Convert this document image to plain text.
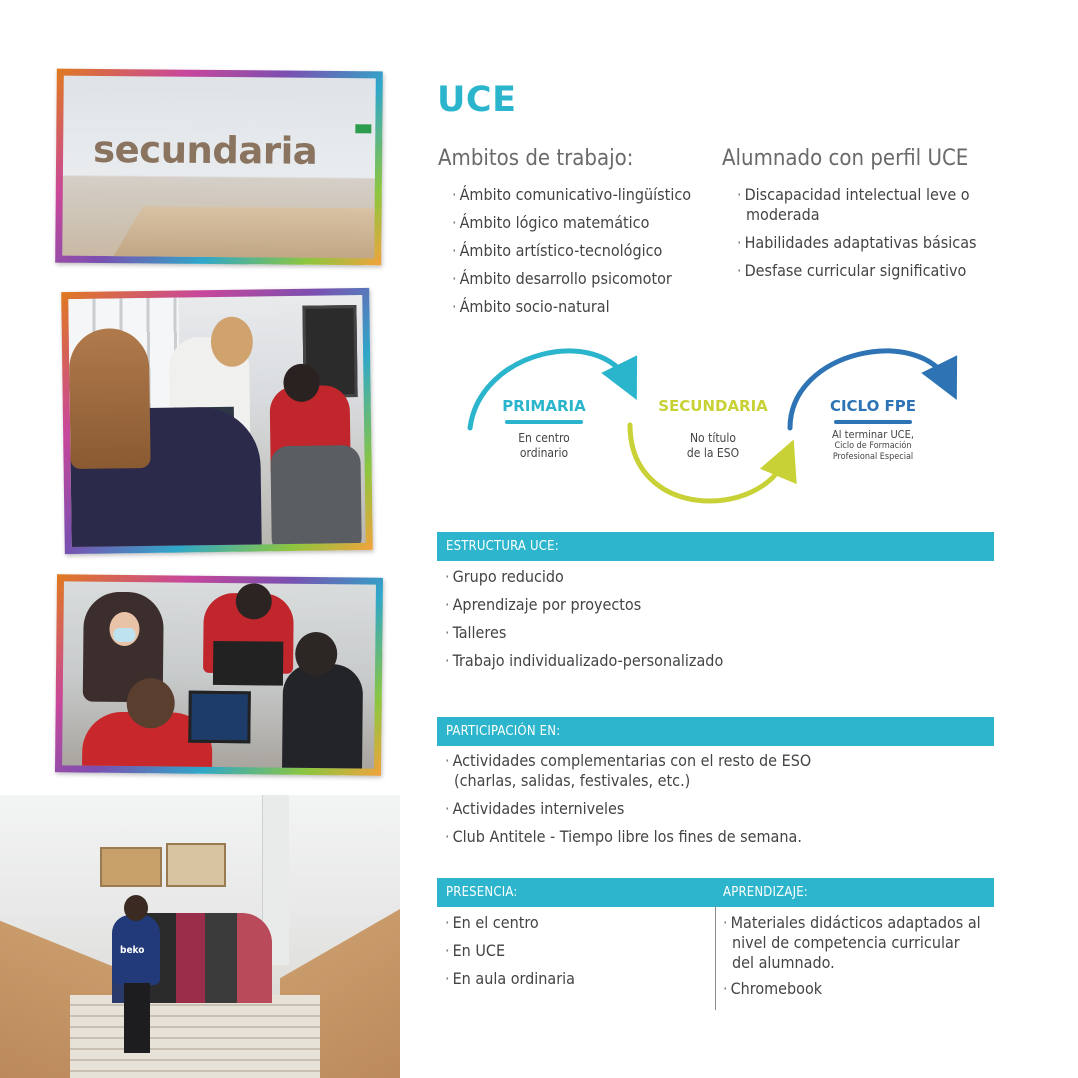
secundaria
beko
UCE
Ambitos de trabajo:
· Ámbito comunicativo-lingüístico
· Ámbito lógico matemático
· Ámbito artístico-tecnológico
· Ámbito desarrollo psicomotor
· Ámbito socio-natural
Alumnado con perfil UCE
· Discapacidad intelectual leve o moderada
· Habilidades adaptativas básicas
· Desfase curricular significativo
PRIMARIA
En centro
ordinario
SECUNDARIA
No título
de la ESO
CICLO FPE
Al terminar UCE,
Ciclo de Formación
Profesional Especial
ESTRUCTURA UCE:
· Grupo reducido
· Aprendizaje por proyectos
· Talleres
· Trabajo individualizado-personalizado
PARTICIPACIÓN EN:
· Actividades complementarias con el resto de ESO (charlas, salidas, festivales, etc.)
· Actividades interniveles
· Club Antitele - Tiempo libre los fines de semana.
PRESENCIA:	APRENDIZAJE:
· En el centro
· En UCE
· En aula ordinaria
· Materiales didácticos adaptados al nivel de competencia curricular del alumnado.
· Chromebook
